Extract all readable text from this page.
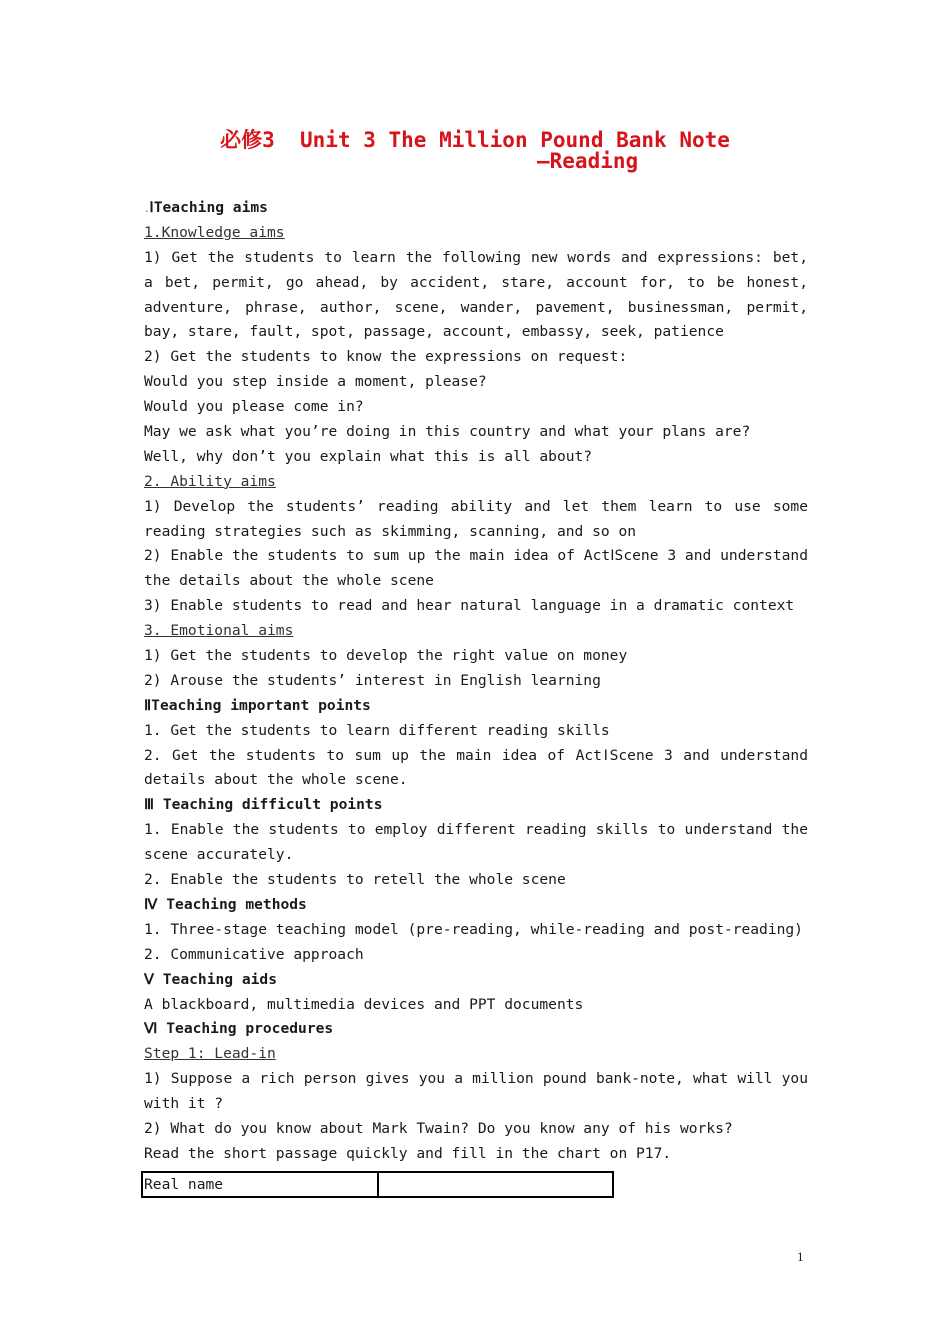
必修3  Unit 3 The Million Pound Bank Note
—Reading
.ⅠTeaching aims
1.Knowledge aims
1) Get the students to learn the following new words and expressions: bet,
a bet, permit, go ahead, by accident, stare, account for, to be honest,
adventure, phrase, author, scene, wander, pavement, businessman, permit,
bay, stare, fault, spot, passage, account, embassy, seek, patience
2) Get the students to know the expressions on request:
Would you step inside a moment, please?
Would you please come in?
May we ask what you’re doing in this country and what your plans are?
Well, why don’t you explain what this is all about?
2. Ability aims
1) Develop the students’ reading ability and let them learn to use some
reading strategies such as skimming, scanning, and so on
2) Enable the students to sum up the main idea of ActⅠScene 3 and understand
the details about the whole scene
3) Enable students to read and hear natural language in a dramatic context
3. Emotional aims
1) Get the students to develop the right value on money
2) Arouse the students’ interest in English learning
ⅡTeaching important points
1. Get the students to learn different reading skills
2. Get the students to sum up the main idea of ActⅠScene 3 and understand
details about the whole scene.
Ⅲ Teaching difficult points
1. Enable the students to employ different reading skills to understand the
scene accurately.
2. Enable the students to retell the whole scene
Ⅳ Teaching methods
1. Three-stage teaching model (pre-reading, while-reading and post-reading)
2. Communicative approach
Ⅴ Teaching aids
A blackboard, multimedia devices and PPT documents
Ⅵ Teaching procedures
Step 1: Lead-in
1) Suppose a rich person gives you a million pound bank-note, what will you
with it ?
2) What do you know about Mark Twain? Do you know any of his works?
Read the short passage quickly and fill in the chart on P17.
Real name	
1
